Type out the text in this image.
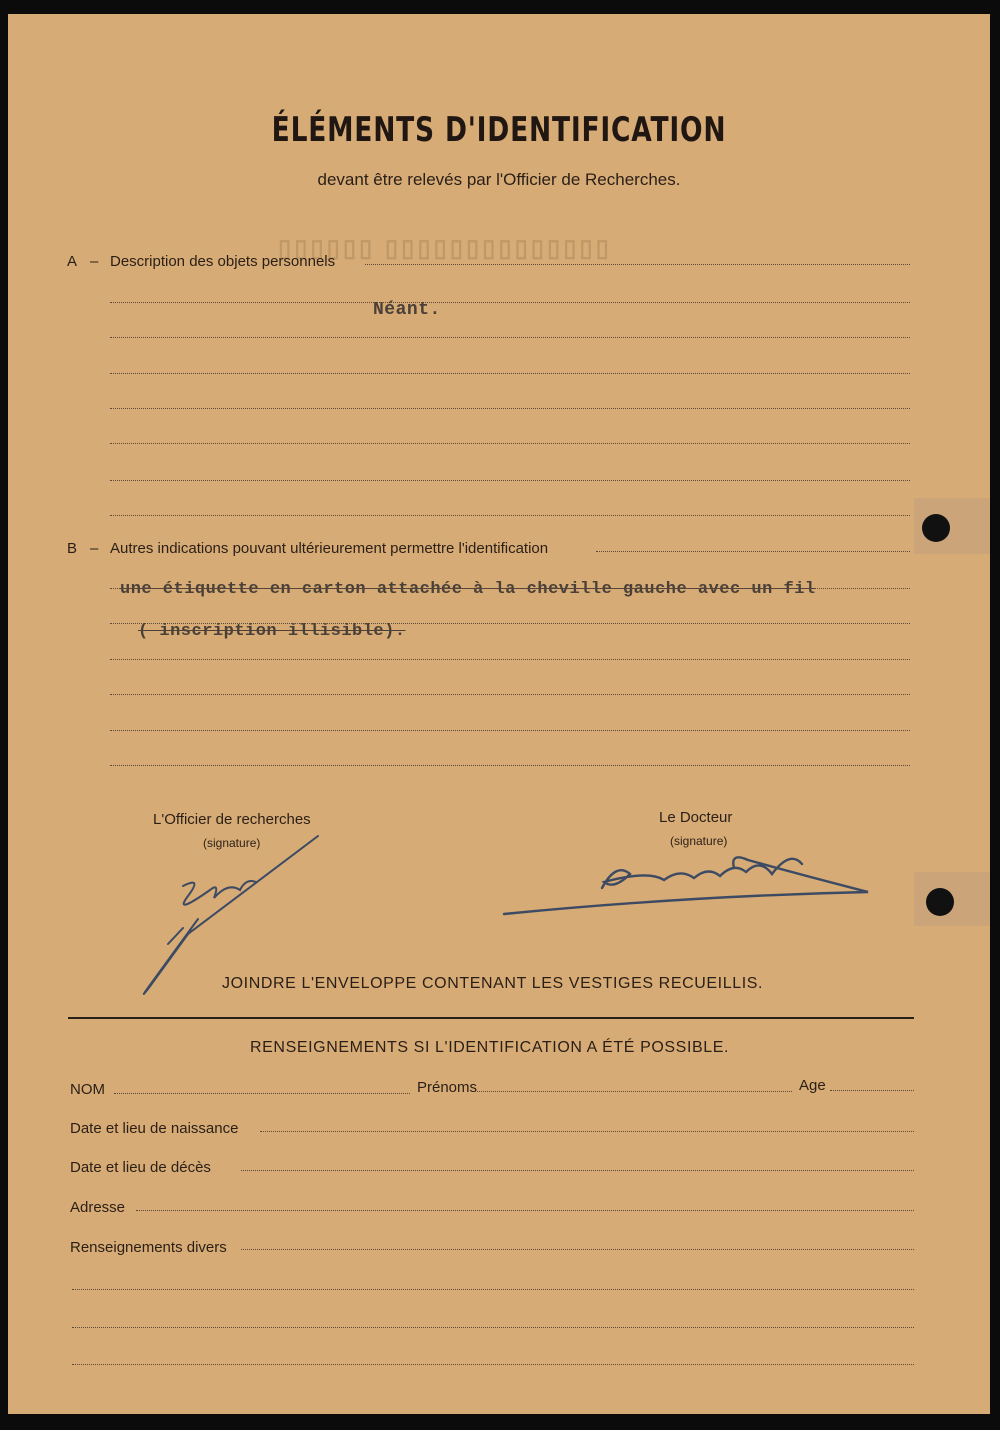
▯▯▯▯▯▯ ▯▯▯▯▯▯▯▯▯▯▯▯▯▯
ÉLÉMENTS D'IDENTIFICATION
devant être relevés par l'Officier de Recherches.
A – Description des objets personnels
Néant.
B – Autres indications pouvant ultérieurement permettre l'identification
une étiquette en carton attachée à la cheville gauche avec un fil
( inscription illisible).
L'Officier de recherches
(signature)
Le Docteur
(signature)
JOINDRE L'ENVELOPPE CONTENANT LES VESTIGES RECUEILLIS.
RENSEIGNEMENTS SI L'IDENTIFICATION A ÉTÉ POSSIBLE.
NOM	Prénoms	Age
Date et lieu de naissance
Date et lieu de décès
Adresse
Renseignements divers
